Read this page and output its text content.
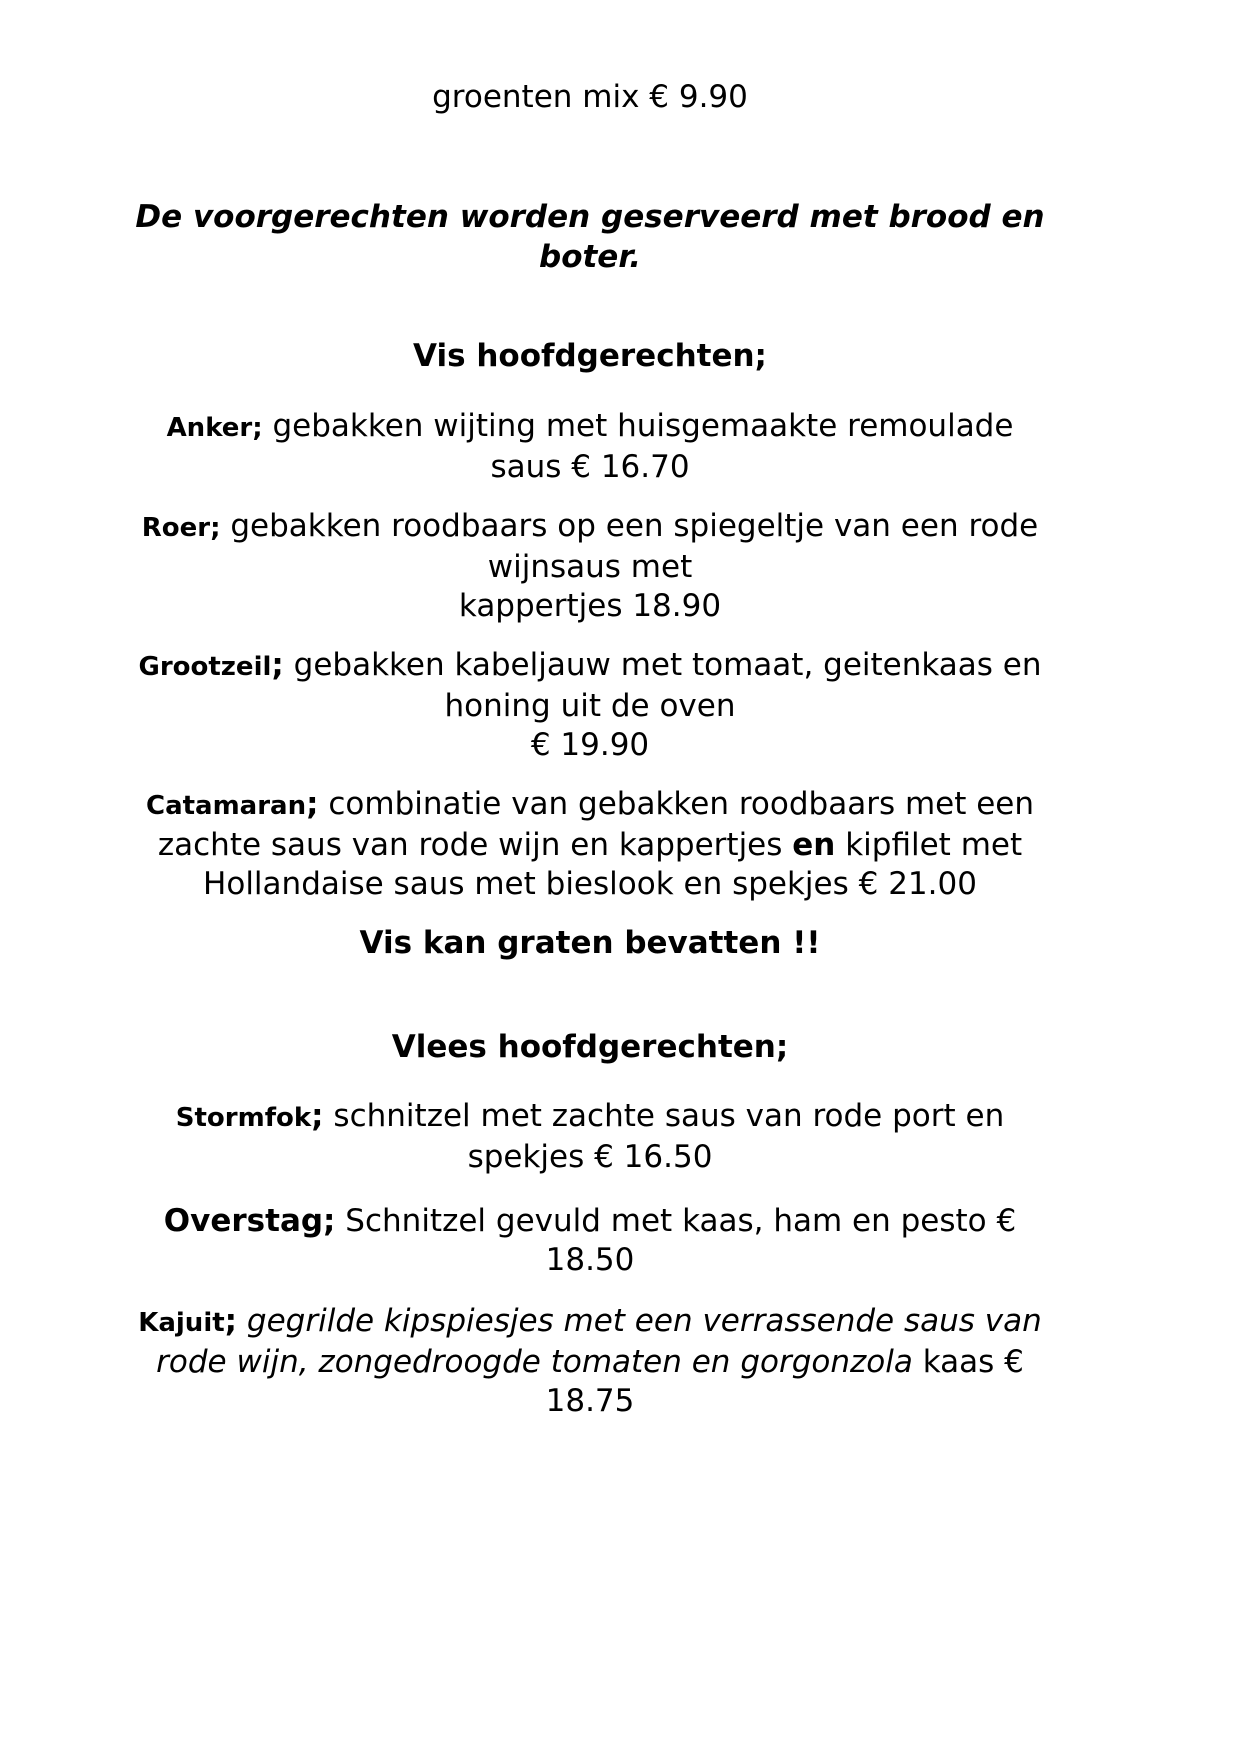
groenten mix € 9.90
De voorgerechten worden geserveerd met brood en
boter.
Vis hoofdgerechten;
Anker; gebakken wijting met huisgemaakte remoulade
saus € 16.70
Roer; gebakken roodbaars op een spiegeltje van een rode
wijnsaus met
kappertjes 18.90
Grootzeil; gebakken kabeljauw met tomaat, geitenkaas en
honing uit de oven
€ 19.90
Catamaran; combinatie van gebakken roodbaars met een
zachte saus van rode wijn en kappertjes en kipfilet met
Hollandaise saus met bieslook en spekjes € 21.00
Vis kan graten bevatten !!
Vlees hoofdgerechten;
Stormfok; schnitzel met zachte saus van rode port en
spekjes € 16.50
Overstag; Schnitzel gevuld met kaas, ham en pesto €
18.50
Kajuit; gegrilde kipspiesjes met een verrassende saus van
rode wijn, zongedroogde tomaten en gorgonzola kaas €
18.75
